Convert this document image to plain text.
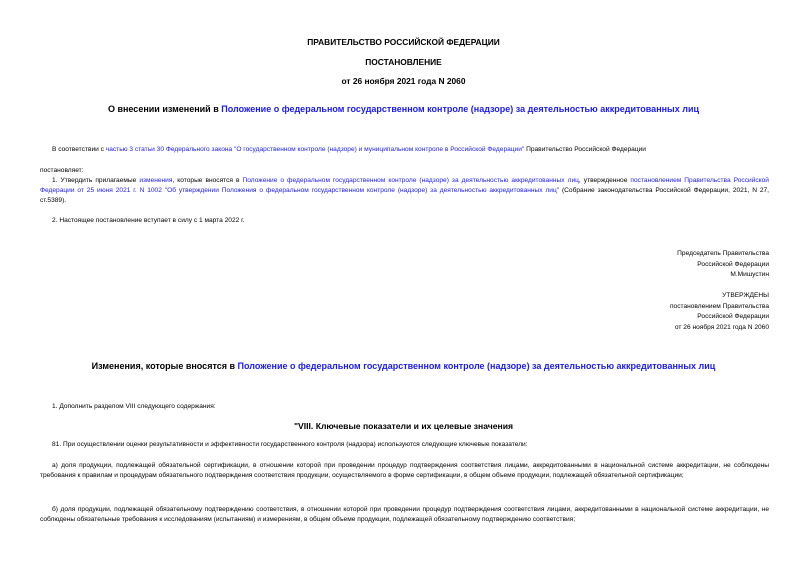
ПРАВИТЕЛЬСТВО РОССИЙСКОЙ ФЕДЕРАЦИИ
ПОСТАНОВЛЕНИЕ
от 26 ноября 2021 года N 2060
О внесении изменений в Положение о федеральном государственном контроле (надзоре) за деятельностью аккредитованных лиц
В соответствии с частью 3 статьи 30 Федерального закона "О государственном контроле (надзоре) и муниципальном контроле в Российской Федерации" Правительство Российской Федерации
постановляет:
1. Утвердить прилагаемые изменения, которые вносятся в Положение о федеральном государственном контроле (надзоре) за деятельностью аккредитованных лиц, утвержденное постановлением Правительства Российской Федерации от 25 июня 2021 г. N 1002 "Об утверждении Положения о федеральном государственном контроле (надзоре) за деятельностью аккредитованных лиц" (Собрание законодательства Российской Федерации, 2021, N 27, ст.5389).
2. Настоящее постановление вступает в силу с 1 марта 2022 г.
Председатель Правительства
Российской Федерации
М.Мишустин
УТВЕРЖДЕНЫ
постановлением Правительства
Российской Федерации
от 26 ноября 2021 года N 2060
Изменения, которые вносятся в Положение о федеральном государственном контроле (надзоре) за деятельностью аккредитованных лиц
1. Дополнить разделом VIII следующего содержания:
"VIII. Ключевые показатели и их целевые значения
81. При осуществлении оценки результативности и эффективности государственного контроля (надзора) используются следующие ключевые показатели:
а) доля продукции, подлежащей обязательной сертификации, в отношении которой при проведении процедур подтверждения соответствия лицами, аккредитованными в национальной системе аккредитации, не соблюдены требования к правилам и процедурам обязательного подтверждения соответствия продукции, осуществляемого в форме сертификации, в общем объеме продукции, подлежащей обязательной сертификации;
б) доля продукции, подлежащей обязательному подтверждению соответствия, в отношении которой при проведении процедур подтверждения соответствия лицами, аккредитованными в национальной системе аккредитации, не соблюдены обязательные требования к исследованиям (испытаниям) и измерениям, в общем объеме продукции, подлежащей обязательному подтверждению соответствия;
